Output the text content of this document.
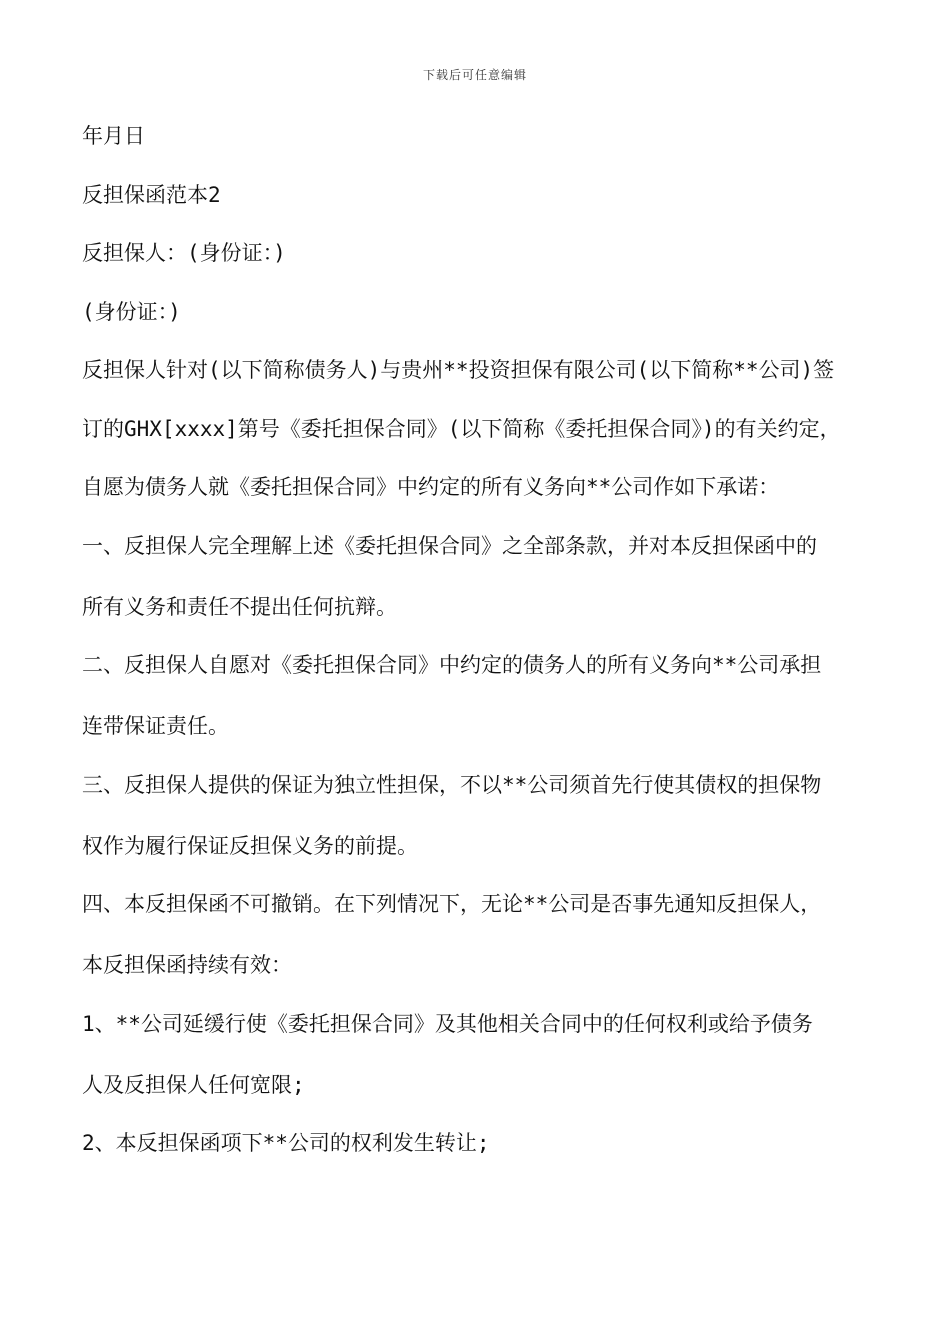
下载后可任意编辑
年月日
反担保函范本2
反担保人：(身份证：)
(身份证：)
反担保人针对(以下简称债务人)与贵州**投资担保有限公司(以下简称**公司)签
订的GHX[xxxx]第号《委托担保合同》(以下简称《委托担保合同》)的有关约定，
自愿为债务人就《委托担保合同》中约定的所有义务向**公司作如下承诺：
一、反担保人完全理解上述《委托担保合同》之全部条款，并对本反担保函中的
所有义务和责任不提出任何抗辩。
二、反担保人自愿对《委托担保合同》中约定的债务人的所有义务向**公司承担
连带保证责任。
三、反担保人提供的保证为独立性担保，不以**公司须首先行使其债权的担保物
权作为履行保证反担保义务的前提。
四、本反担保函不可撤销。在下列情况下，无论**公司是否事先通知反担保人，
本反担保函持续有效：
1、**公司延缓行使《委托担保合同》及其他相关合同中的任何权利或给予债务
人及反担保人任何宽限;
2、本反担保函项下**公司的权利发生转让;
